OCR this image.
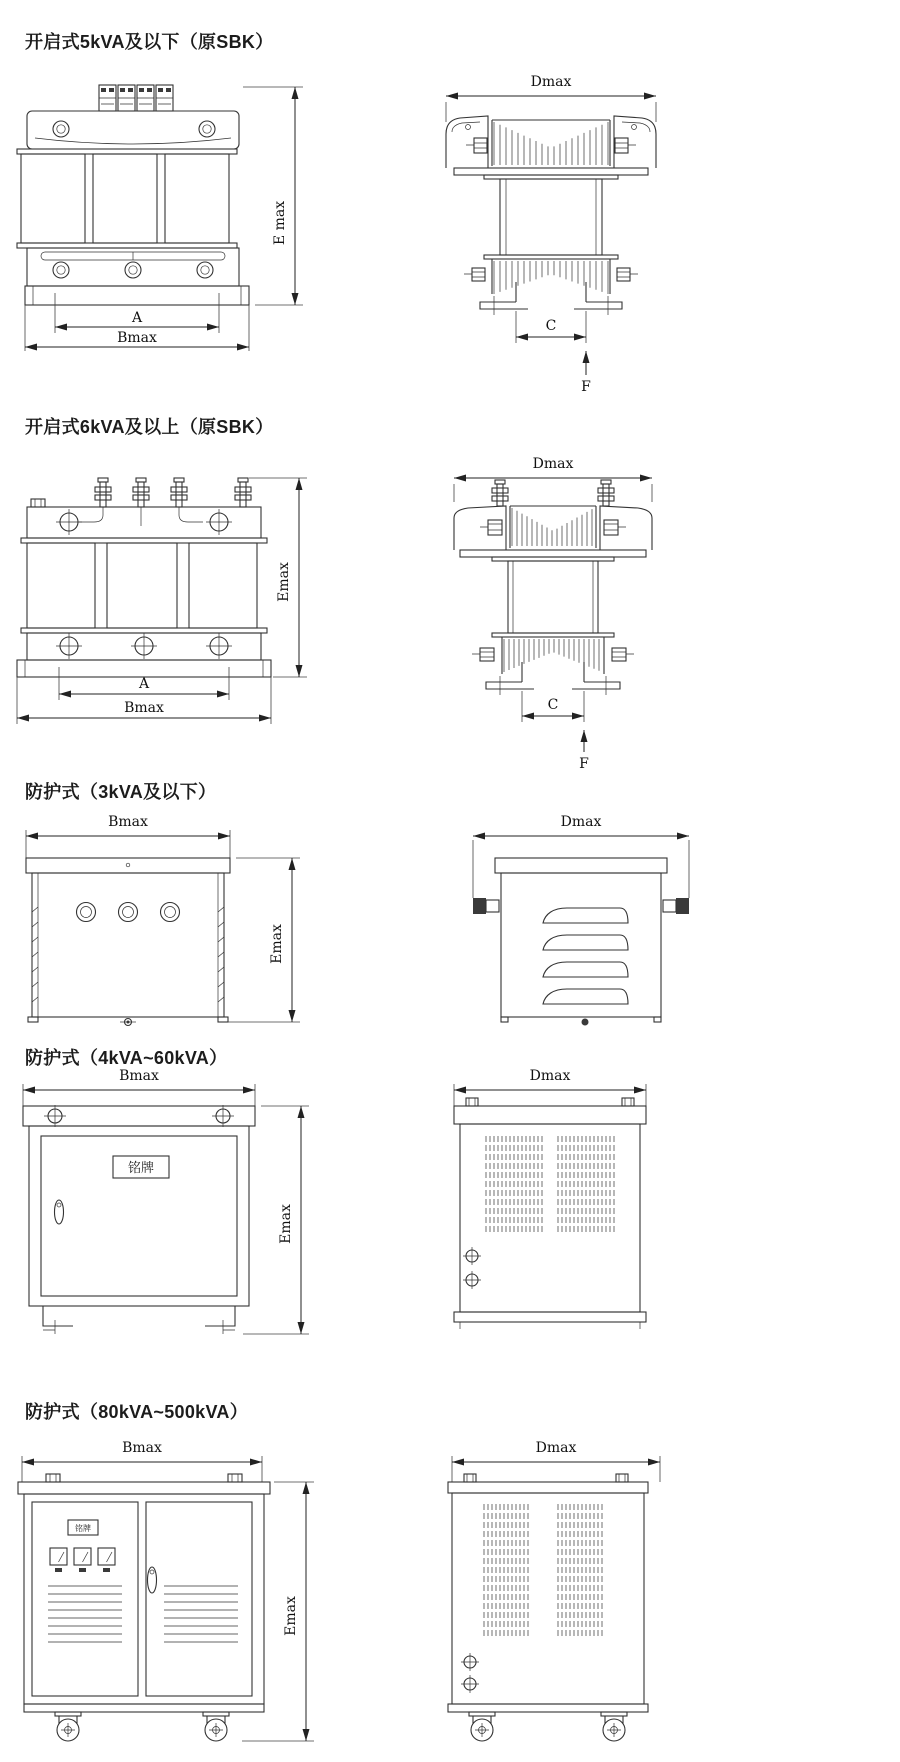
开启式5kVA及以下（原SBK）
A
Bmax
E max
Dmax
C
F
开启式6kVA及以上（原SBK）
A
Bmax
Emax
Dmax
C
F
防护式（3kVA及以下）
Bmax
Emax
Dmax
防护式（4kVA~60kVA）
Bmax
铭牌
Emax
Dmax
防护式（80kVA~500kVA）
Bmax
铭牌
Emax
Dmax
